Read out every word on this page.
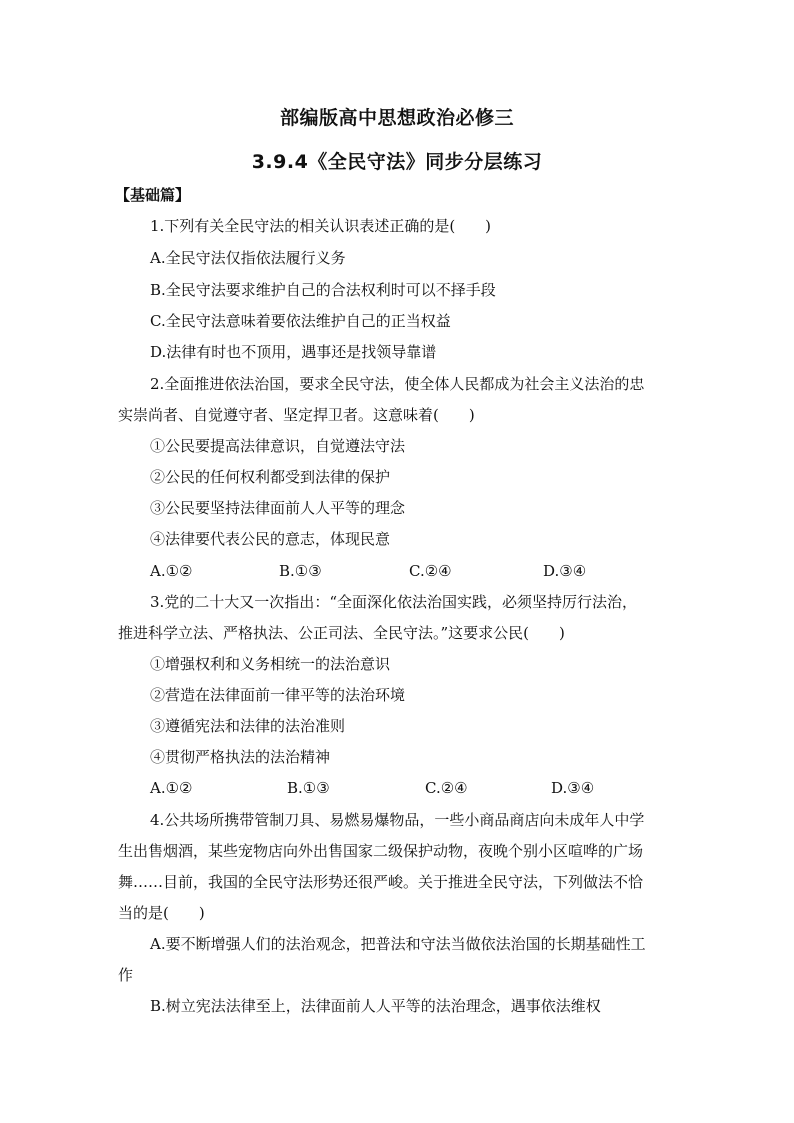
部编版高中思想政治必修三
3.9.4《全民守法》同步分层练习
【基础篇】
1.下列有关全民守法的相关认识表述正确的是(　　)
A.全民守法仅指依法履行义务
B.全民守法要求维护自己的合法权利时可以不择手段
C.全民守法意味着要依法维护自己的正当权益
D.法律有时也不顶用，遇事还是找领导靠谱
2.全面推进依法治国，要求全民守法，使全体人民都成为社会主义法治的忠
实崇尚者、自觉遵守者、坚定捍卫者。这意味着(　　)
①公民要提高法律意识，自觉遵法守法
②公民的任何权利都受到法律的保护
③公民要坚持法律面前人人平等的理念
④法律要代表公民的意志，体现民意
A.①②	B.①③	C.②④	D.③④
3.党的二十大又一次指出：“全面深化依法治国实践，必须坚持厉行法治，
推进科学立法、严格执法、公正司法、全民守法。”这要求公民(　　)
①增强权利和义务相统一的法治意识
②营造在法律面前一律平等的法治环境
③遵循宪法和法律的法治准则
④贯彻严格执法的法治精神
A.①②	B.①③	C.②④	D.③④
4.公共场所携带管制刀具、易燃易爆物品，一些小商品商店向未成年人中学
生出售烟酒，某些宠物店向外出售国家二级保护动物，夜晚个别小区喧哗的广场
舞……目前，我国的全民守法形势还很严峻。关于推进全民守法，下列做法不恰
当的是(　　)
A.要不断增强人们的法治观念，把普法和守法当做依法治国的长期基础性工
作
B.树立宪法法律至上，法律面前人人平等的法治理念，遇事依法维权
